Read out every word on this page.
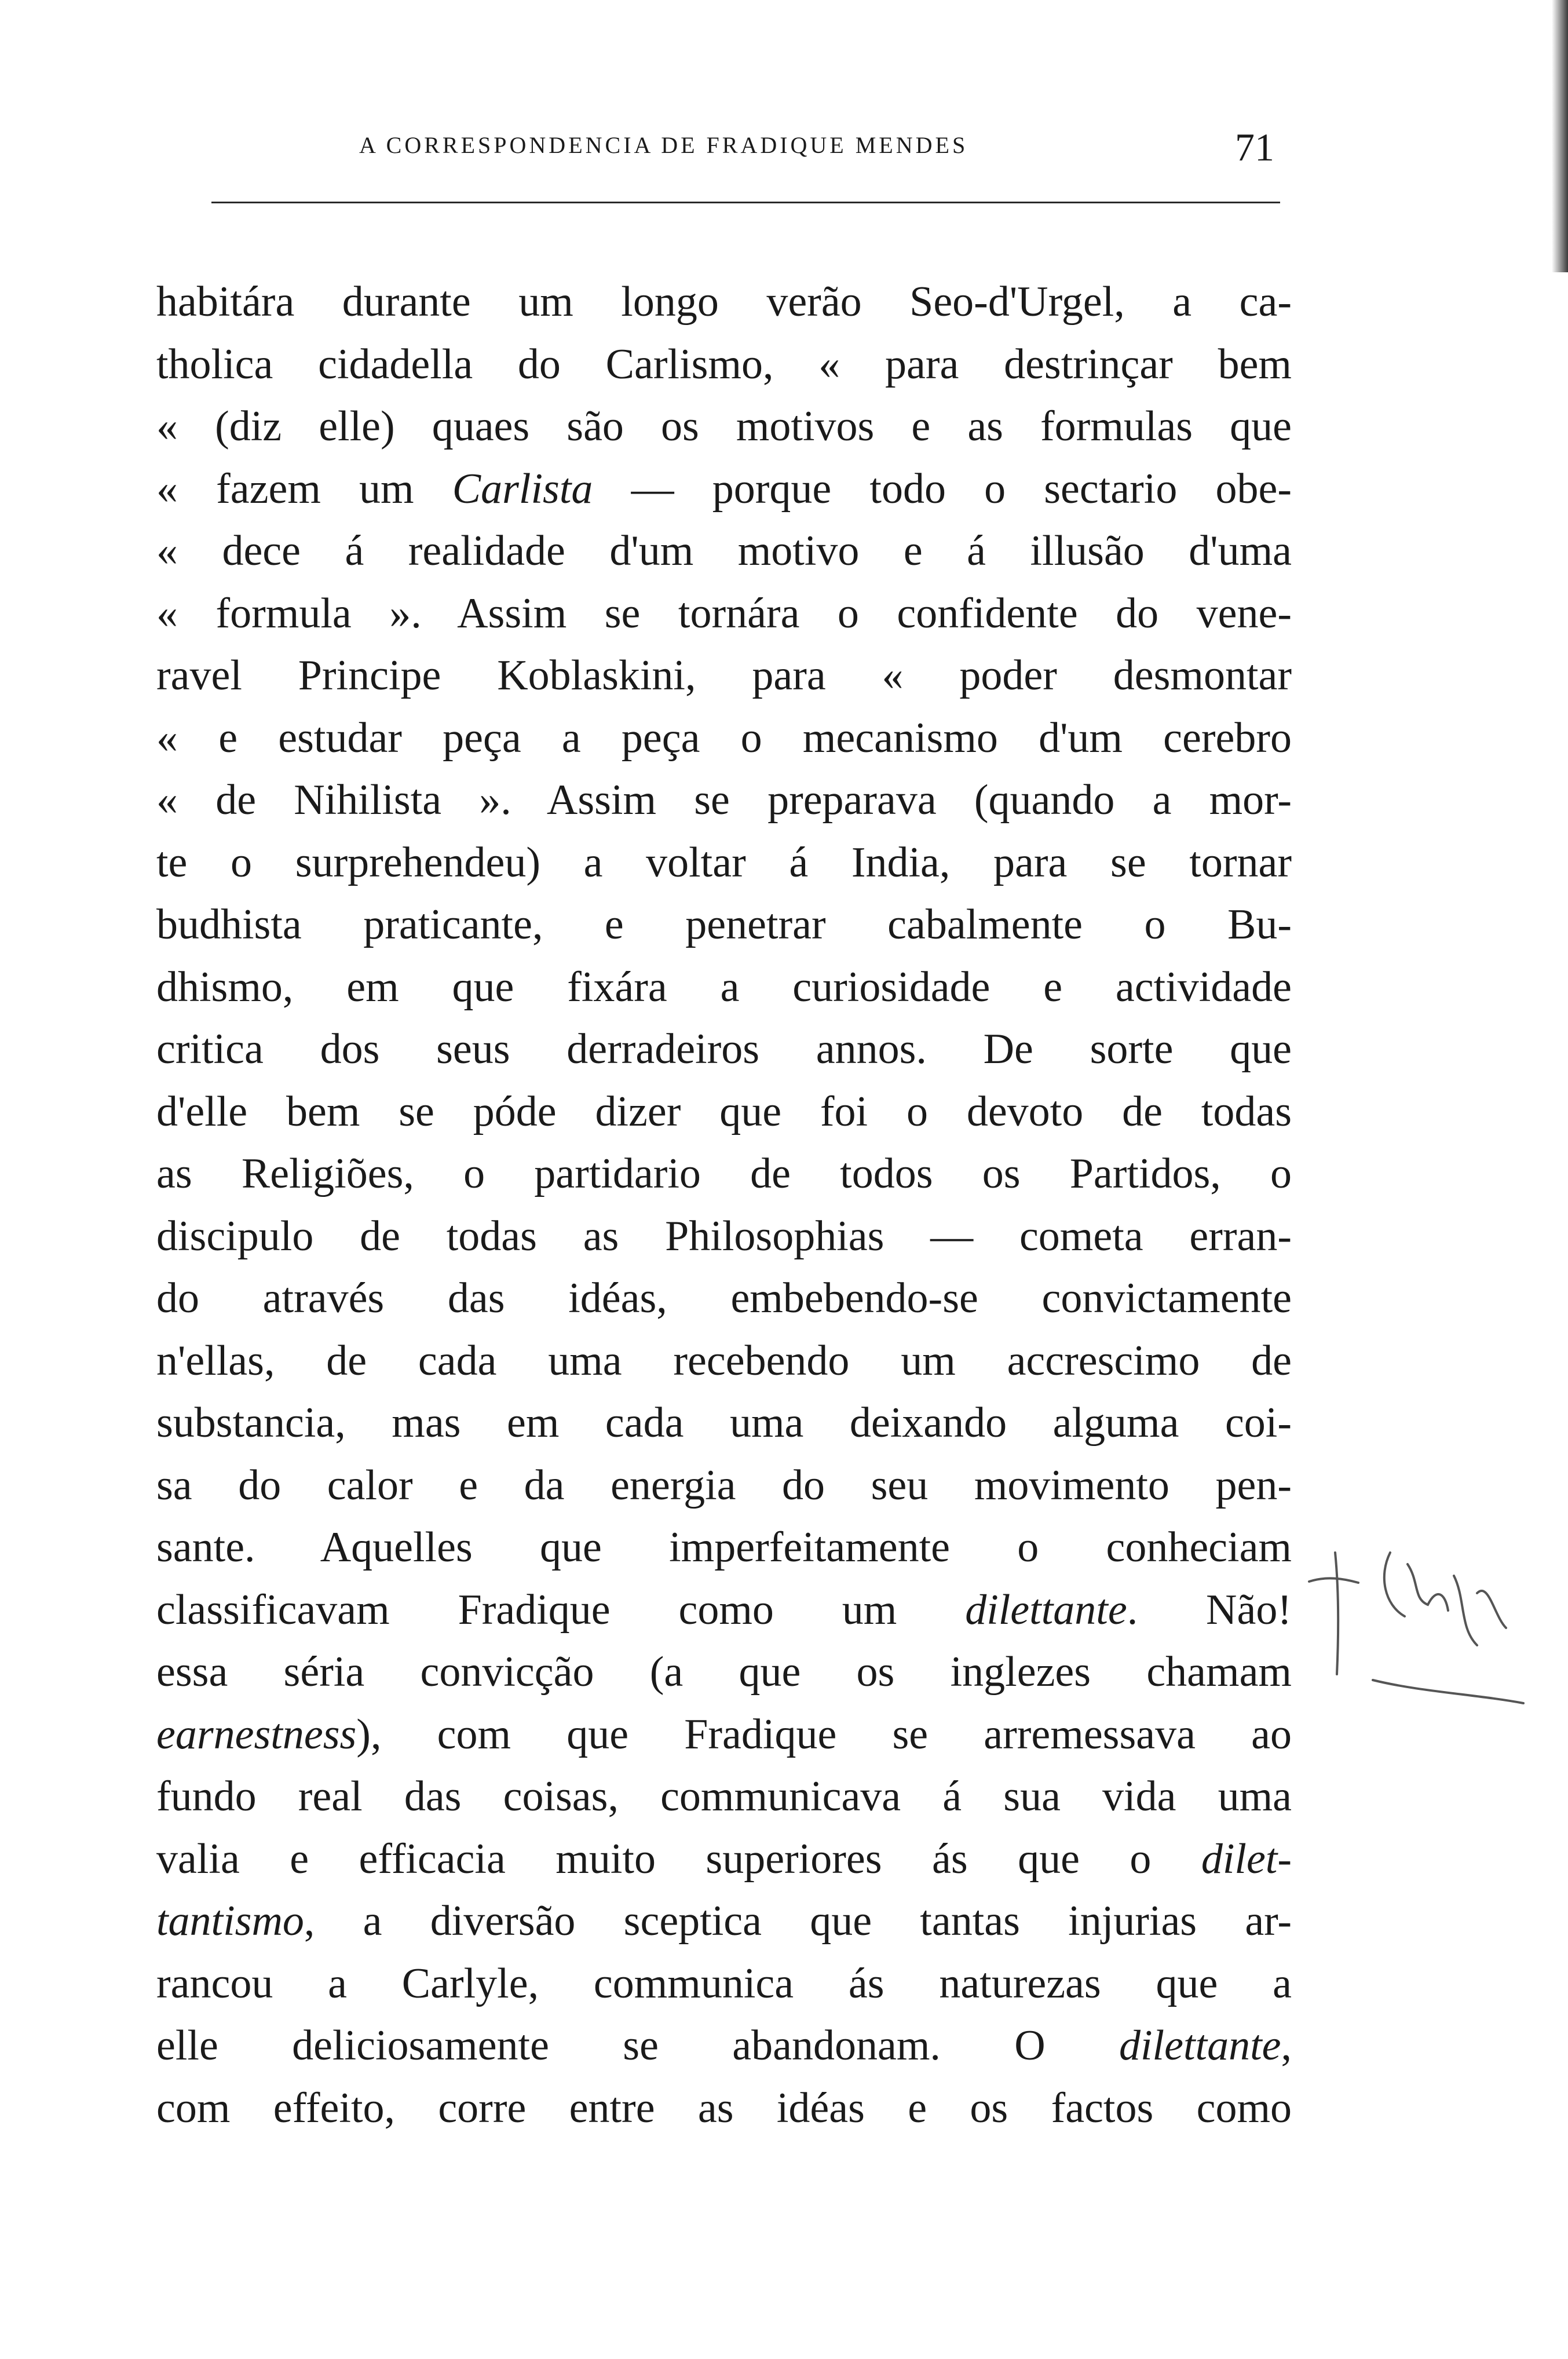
A CORRESPONDENCIA DE FRADIQUE MENDES	71
habitára durante um longo verão Seo-d'Urgel, a ca-
tholica cidadella do Carlismo, « para destrinçar bem
« (diz elle) quaes são os motivos e as formulas que
« fazem um Carlista — porque todo o sectario obe-
« dece á realidade d'um motivo e á illusão d'uma
« formula ». Assim se tornára o confidente do vene-
ravel Principe Koblaskini, para « poder desmontar
« e estudar peça a peça o mecanismo d'um cerebro
« de Nihilista ». Assim se preparava (quando a mor-
te o surprehendeu) a voltar á India, para se tornar
budhista praticante, e penetrar cabalmente o Bu-
dhismo, em que fixára a curiosidade e actividade
critica dos seus derradeiros annos. De sorte que
d'elle bem se póde dizer que foi o devoto de todas
as Religiões, o partidario de todos os Partidos, o
discipulo de todas as Philosophias — cometa erran-
do através das idéas, embebendo-se convictamente
n'ellas, de cada uma recebendo um accrescimo de
substancia, mas em cada uma deixando alguma coi-
sa do calor e da energia do seu movimento pen-
sante. Aquelles que imperfeitamente o conheciam
classificavam Fradique como um dilettante. Não!
essa séria convicção (a que os inglezes chamam
earnestness), com que Fradique se arremessava ao
fundo real das coisas, communicava á sua vida uma
valia e efficacia muito superiores ás que o dilet-
tantismo, a diversão sceptica que tantas injurias ar-
rancou a Carlyle, communica ás naturezas que a
elle deliciosamente se abandonam. O dilettante,
com effeito, corre entre as idéas e os factos como
